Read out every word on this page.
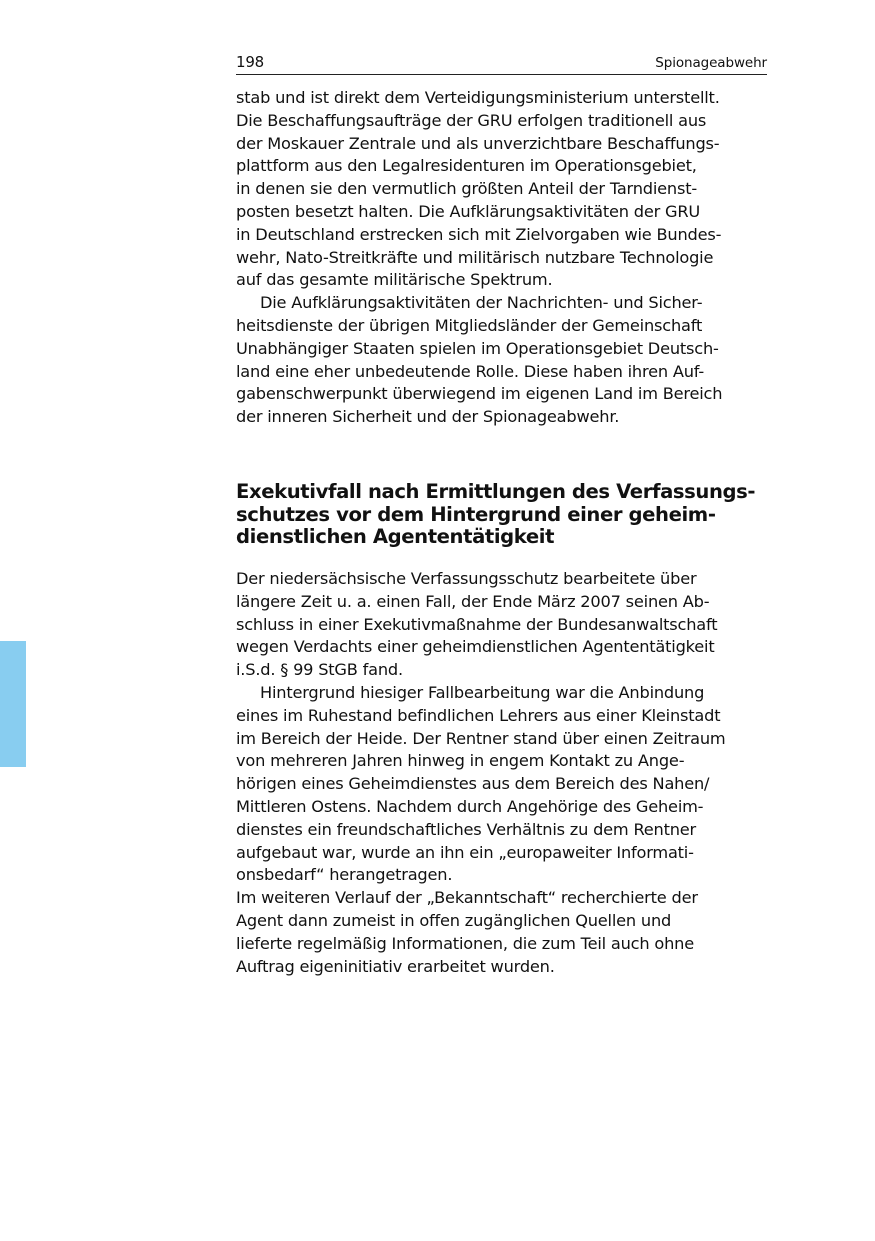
198	Spionageabwehr
stab und ist direkt dem Verteidigungsministerium unterstellt.
Die Beschaffungsaufträge der GRU erfolgen traditionell aus
der Moskauer Zentrale und als unverzichtbare Beschaffungs-
plattform aus den Legalresidenturen im Operationsgebiet,
in denen sie den vermutlich größten Anteil der Tarndienst-
posten besetzt halten. Die Aufklärungsaktivitäten der GRU
in Deutschland erstrecken sich mit Zielvorgaben wie Bundes-
wehr, Nato-Streitkräfte und militärisch nutzbare Technologie
auf das gesamte militärische Spektrum.
Die Aufklärungsaktivitäten der Nachrichten- und Sicher-
heitsdienste der übrigen Mitgliedsländer der Gemeinschaft
Unabhängiger Staaten spielen im Operationsgebiet Deutsch-
land eine eher unbedeutende Rolle. Diese haben ihren Auf-
gabenschwerpunkt überwiegend im eigenen Land im Bereich
der inneren Sicherheit und der Spionageabwehr.
Exekutivfall nach Ermittlungen des Verfassungs-
schutzes vor dem Hintergrund einer geheim-
dienstlichen Agententätigkeit
Der niedersächsische Verfassungsschutz bearbeitete über
längere Zeit u. a. einen Fall, der Ende März 2007 seinen Ab-
schluss in einer Exekutivmaßnahme der Bundesanwaltschaft
wegen Verdachts einer geheimdienstlichen Agententätigkeit
i.S.d. § 99 StGB fand.
Hintergrund hiesiger Fallbearbeitung war die Anbindung
eines im Ruhestand befindlichen Lehrers aus einer Kleinstadt
im Bereich der Heide. Der Rentner stand über einen Zeitraum
von mehreren Jahren hinweg in engem Kontakt zu Ange-
hörigen eines Geheimdienstes aus dem Bereich des Nahen/
Mittleren Ostens. Nachdem durch Angehörige des Geheim-
dienstes ein freundschaftliches Verhältnis zu dem Rentner
aufgebaut war, wurde an ihn ein „europaweiter Informati-
onsbedarf“ herangetragen.
Im weiteren Verlauf der „Bekanntschaft“ recherchierte der
Agent dann zumeist in offen zugänglichen Quellen und
lieferte regelmäßig Informationen, die zum Teil auch ohne
Auftrag eigeninitiativ erarbeitet wurden.
